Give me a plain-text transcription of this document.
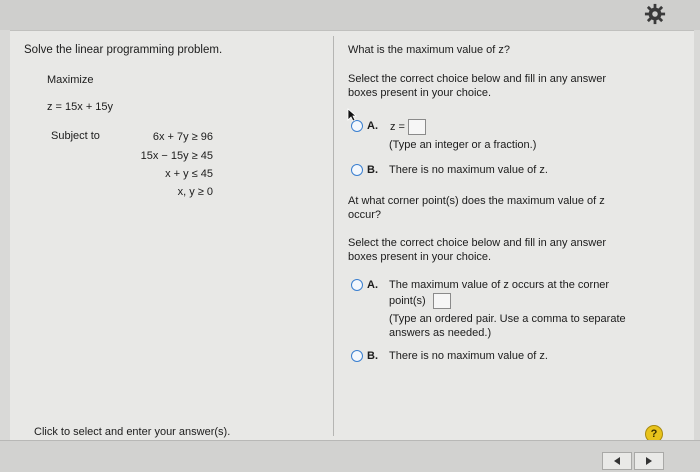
Solve the linear programming problem.
Maximize
z = 15x + 15y
Subject to	6x + 7y ≥ 96
15x − 15y ≥ 45
x + y ≤ 45
x, y ≥ 0
What is the maximum value of z?
Select the correct choice below and fill in any answer
boxes present in your choice.
A. z =
(Type an integer or a fraction.)
B. There is no maximum value of z.
At what corner point(s) does the maximum value of z
occur?
Select the correct choice below and fill in any answer
boxes present in your choice.
A. The maximum value of z occurs at the corner
point(s)
(Type an ordered pair. Use a comma to separate
answers as needed.)
B. There is no maximum value of z.
Click to select and enter your answer(s).	?
